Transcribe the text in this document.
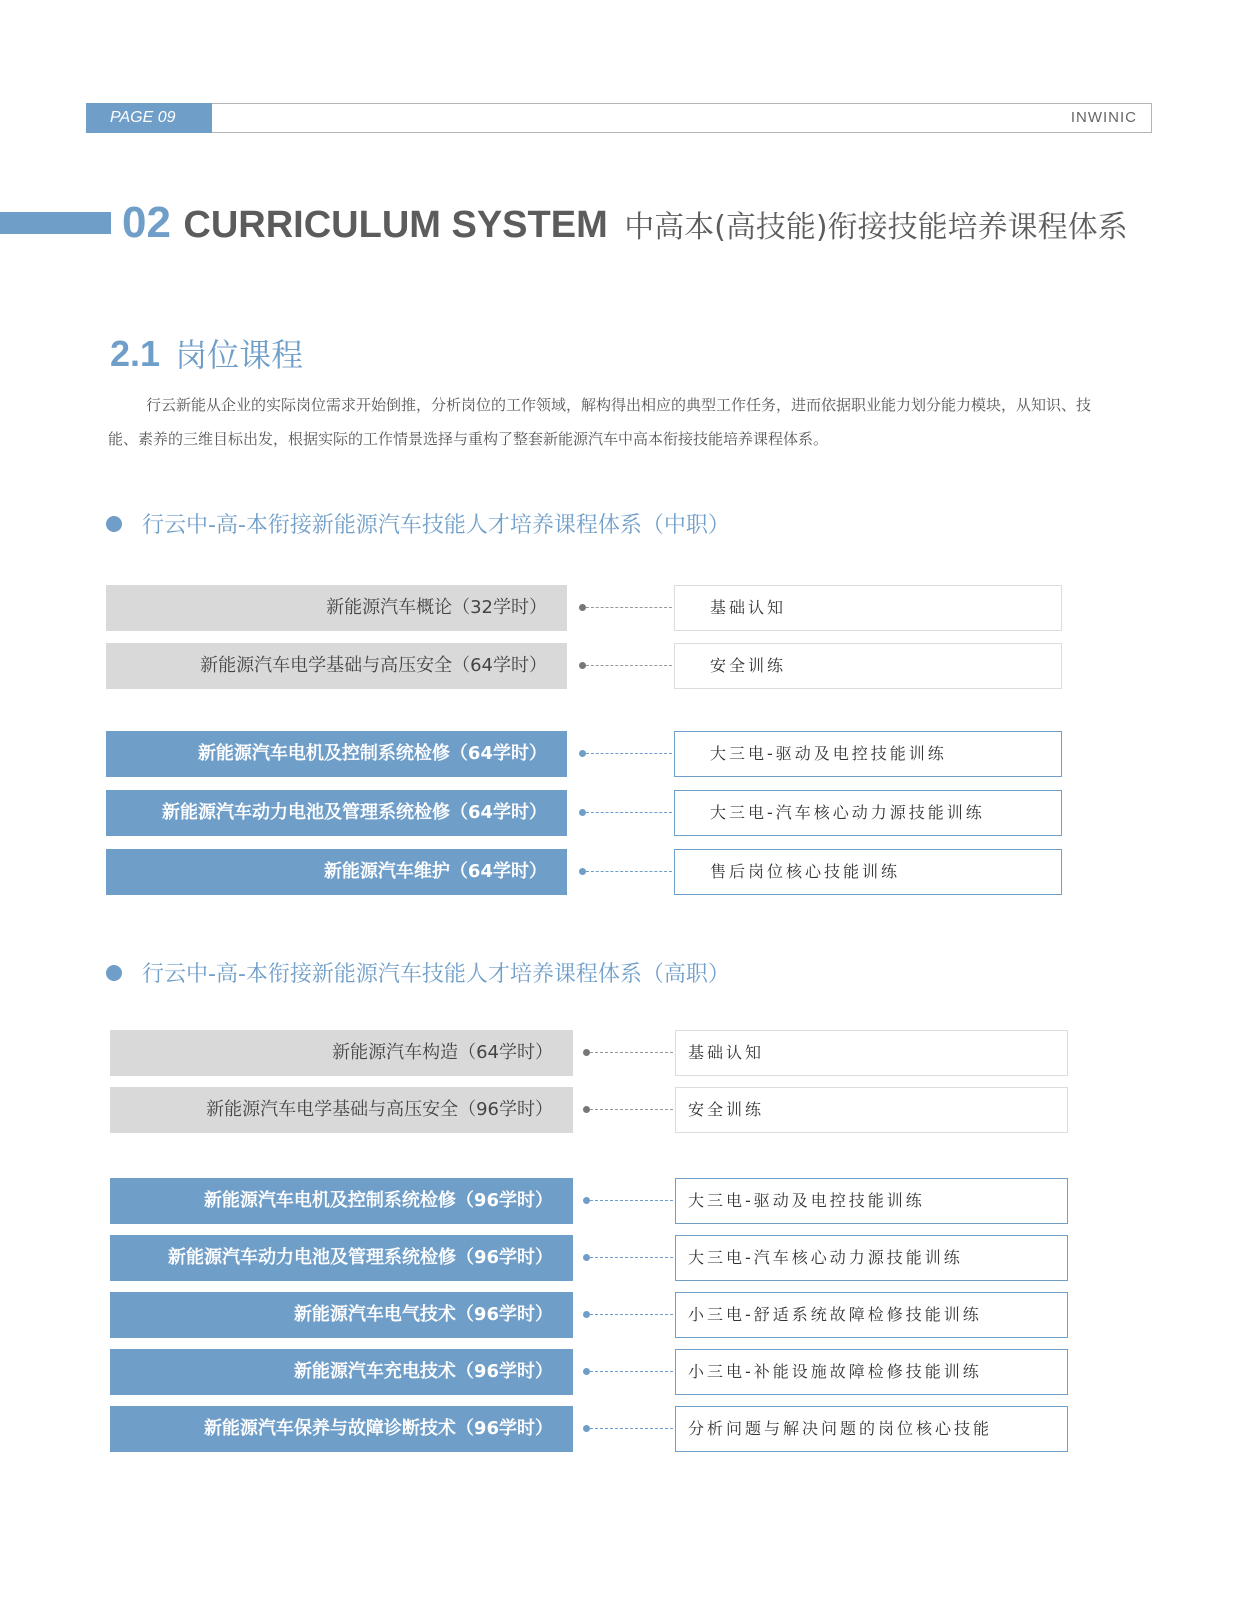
PAGE 09	INWINIC
02 CURRICULUM SYSTEM 中高本(高技能)衔接技能培养课程体系
2.1 岗位课程

行云新能从企业的实际岗位需求开始倒推，分析岗位的工作领域，解构得出相应的典型工作任务，进而依据职业能力划分能力模块，从知识、技能、素养的三维目标出发，根据实际的工作情景选择与重构了整套新能源汽车中高本衔接技能培养课程体系。

行云中-高-本衔接新能源汽车技能人才培养课程体系（中职）
新能源汽车概论（32学时）	基础认知
新能源汽车电学基础与高压安全（64学时）	安全训练
新能源汽车电机及控制系统检修（64学时）	大三电-驱动及电控技能训练
新能源汽车动力电池及管理系统检修（64学时）	大三电-汽车核心动力源技能训练
新能源汽车维护（64学时）	售后岗位核心技能训练
行云中-高-本衔接新能源汽车技能人才培养课程体系（高职）
新能源汽车构造（64学时）	基础认知
新能源汽车电学基础与高压安全（96学时）	安全训练
新能源汽车电机及控制系统检修（96学时）	大三电-驱动及电控技能训练
新能源汽车动力电池及管理系统检修（96学时）	大三电-汽车核心动力源技能训练
新能源汽车电气技术（96学时）	小三电-舒适系统故障检修技能训练
新能源汽车充电技术（96学时）	小三电-补能设施故障检修技能训练
新能源汽车保养与故障诊断技术（96学时）	分析问题与解决问题的岗位核心技能
